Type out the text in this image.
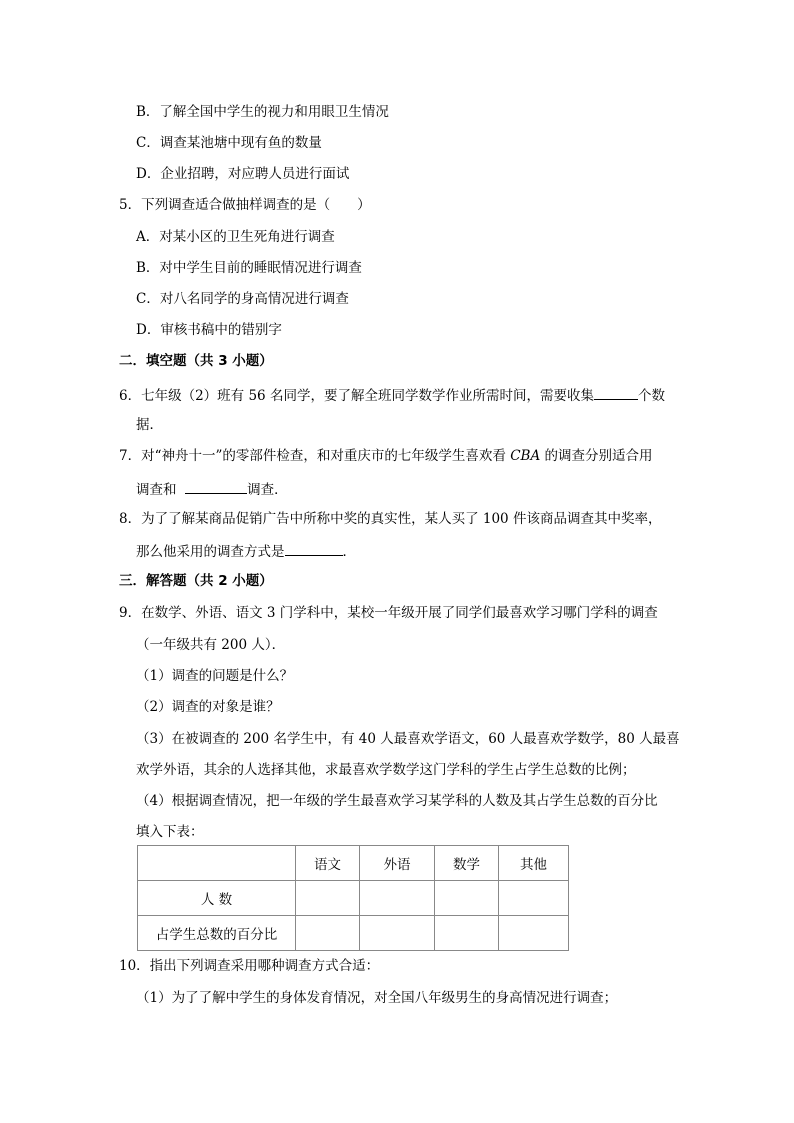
B．了解全国中学生的视力和用眼卫生情况
C．调查某池塘中现有鱼的数量
D．企业招聘，对应聘人员进行面试
5．下列调查适合做抽样调查的是（　　）
A．对某小区的卫生死角进行调查
B．对中学生目前的睡眠情况进行调查
C．对八名同学的身高情况进行调查
D．审核书稿中的错别字
二．填空题（共 3 小题）
6．七年级（2）班有 56 名同学，要了解全班同学数学作业所需时间，需要收集	个数
据．
7．对“神舟十一”的零部件检查，和对重庆市的七年级学生喜欢看 CBA 的调查分别适合用
调查和	调查．
8．为了了解某商品促销广告中所称中奖的真实性，某人买了 100 件该商品调查其中奖率，
那么他采用的调查方式是	．
三．解答题（共 2 小题）
9．在数学、外语、语文 3 门学科中，某校一年级开展了同学们最喜欢学习哪门学科的调查
（一年级共有 200 人）．
（1）调查的问题是什么？
（2）调查的对象是谁？
（3）在被调查的 200 名学生中，有 40 人最喜欢学语文，60 人最喜欢学数学，80 人最喜
欢学外语，其余的人选择其他，求最喜欢学数学这门学科的学生占学生总数的比例；
（4）根据调查情况，把一年级的学生最喜欢学习某学科的人数及其占学生总数的百分比
填入下表：
	语文	外语	数学	其他
人 数				
占学生总数的百分比				
10．指出下列调查采用哪种调查方式合适：
（1）为了了解中学生的身体发育情况，对全国八年级男生的身高情况进行调查；
